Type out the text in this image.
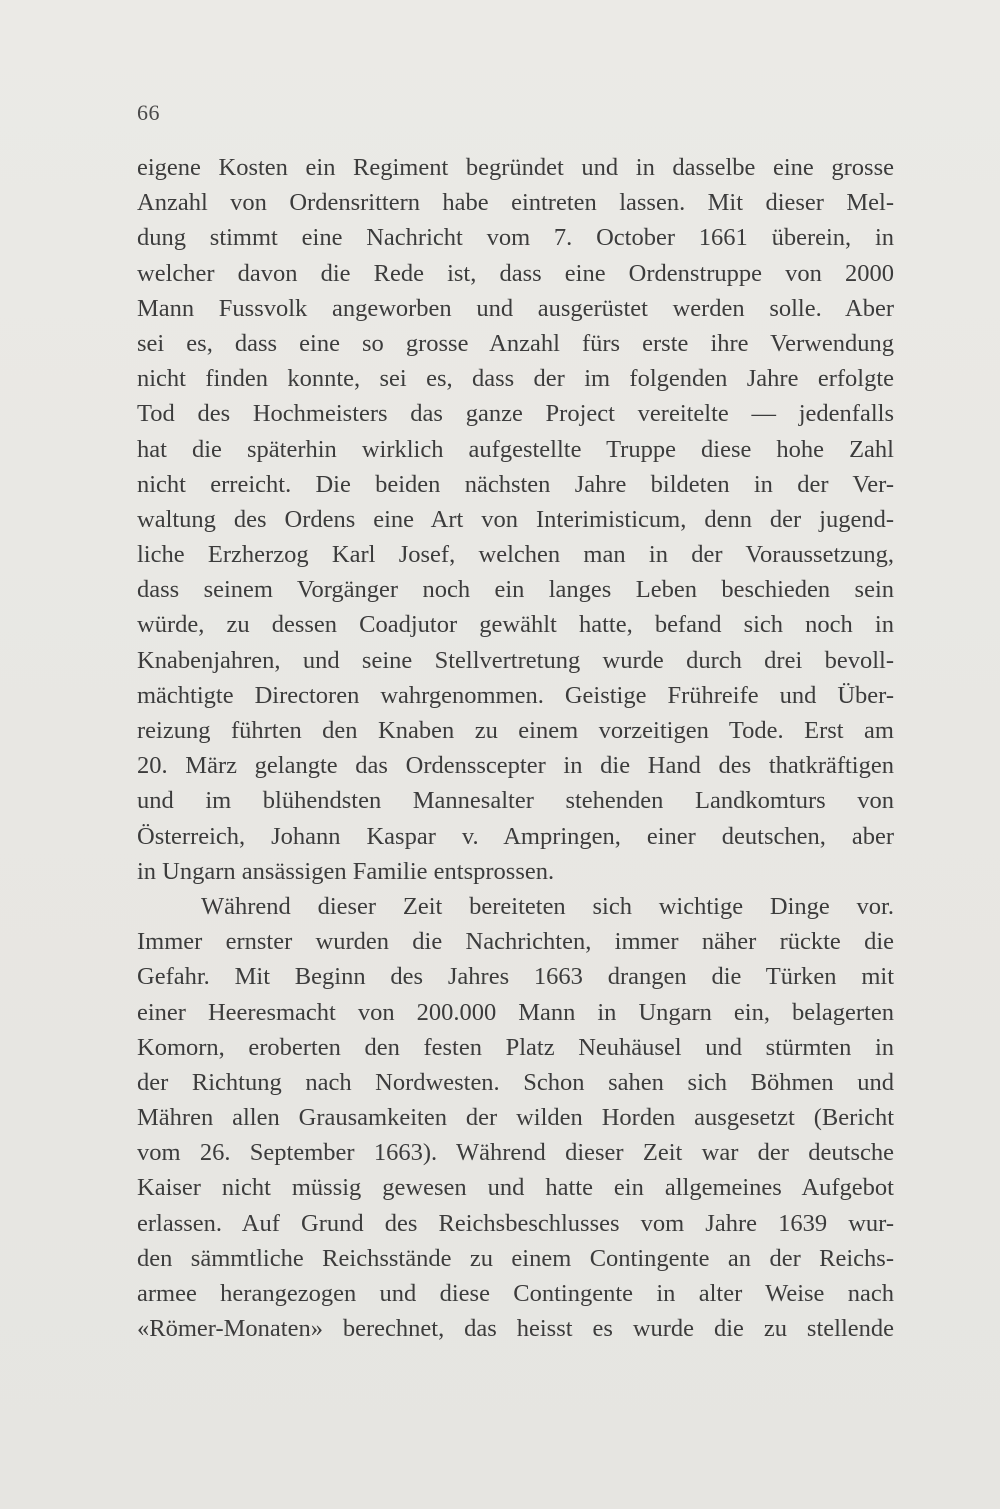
66
eigene Kosten ein Regiment begründet und in dasselbe eine grosse
Anzahl von Ordensrittern habe eintreten lassen. Mit dieser Mel-
dung stimmt eine Nachricht vom 7. October 1661 überein, in
welcher davon die Rede ist, dass eine Ordenstruppe von 2000
Mann Fussvolk angeworben und ausgerüstet werden solle. Aber
sei es, dass eine so grosse Anzahl fürs erste ihre Verwendung
nicht finden konnte, sei es, dass der im folgenden Jahre erfolgte
Tod des Hochmeisters das ganze Project vereitelte — jedenfalls
hat die späterhin wirklich aufgestellte Truppe diese hohe Zahl
nicht erreicht. Die beiden nächsten Jahre bildeten in der Ver-
waltung des Ordens eine Art von Interimisticum, denn der jugend-
liche Erzherzog Karl Josef, welchen man in der Voraussetzung,
dass seinem Vorgänger noch ein langes Leben beschieden sein
würde, zu dessen Coadjutor gewählt hatte, befand sich noch in
Knabenjahren, und seine Stellvertretung wurde durch drei bevoll-
mächtigte Directoren wahrgenommen. Geistige Frühreife und Über-
reizung führten den Knaben zu einem vorzeitigen Tode. Erst am
20. März gelangte das Ordensscepter in die Hand des thatkräftigen
und im blühendsten Mannesalter stehenden Landkomturs von
Österreich, Johann Kaspar v. Ampringen, einer deutschen, aber
in Ungarn ansässigen Familie entsprossen.
Während dieser Zeit bereiteten sich wichtige Dinge vor.
Immer ernster wurden die Nachrichten, immer näher rückte die
Gefahr. Mit Beginn des Jahres 1663 drangen die Türken mit
einer Heeresmacht von 200.000 Mann in Ungarn ein, belagerten
Komorn, eroberten den festen Platz Neuhäusel und stürmten in
der Richtung nach Nordwesten. Schon sahen sich Böhmen und
Mähren allen Grausamkeiten der wilden Horden ausgesetzt (Bericht
vom 26. September 1663). Während dieser Zeit war der deutsche
Kaiser nicht müssig gewesen und hatte ein allgemeines Aufgebot
erlassen. Auf Grund des Reichsbeschlusses vom Jahre 1639 wur-
den sämmtliche Reichsstände zu einem Contingente an der Reichs-
armee herangezogen und diese Contingente in alter Weise nach
«Römer-Monaten» berechnet, das heisst es wurde die zu stellende
